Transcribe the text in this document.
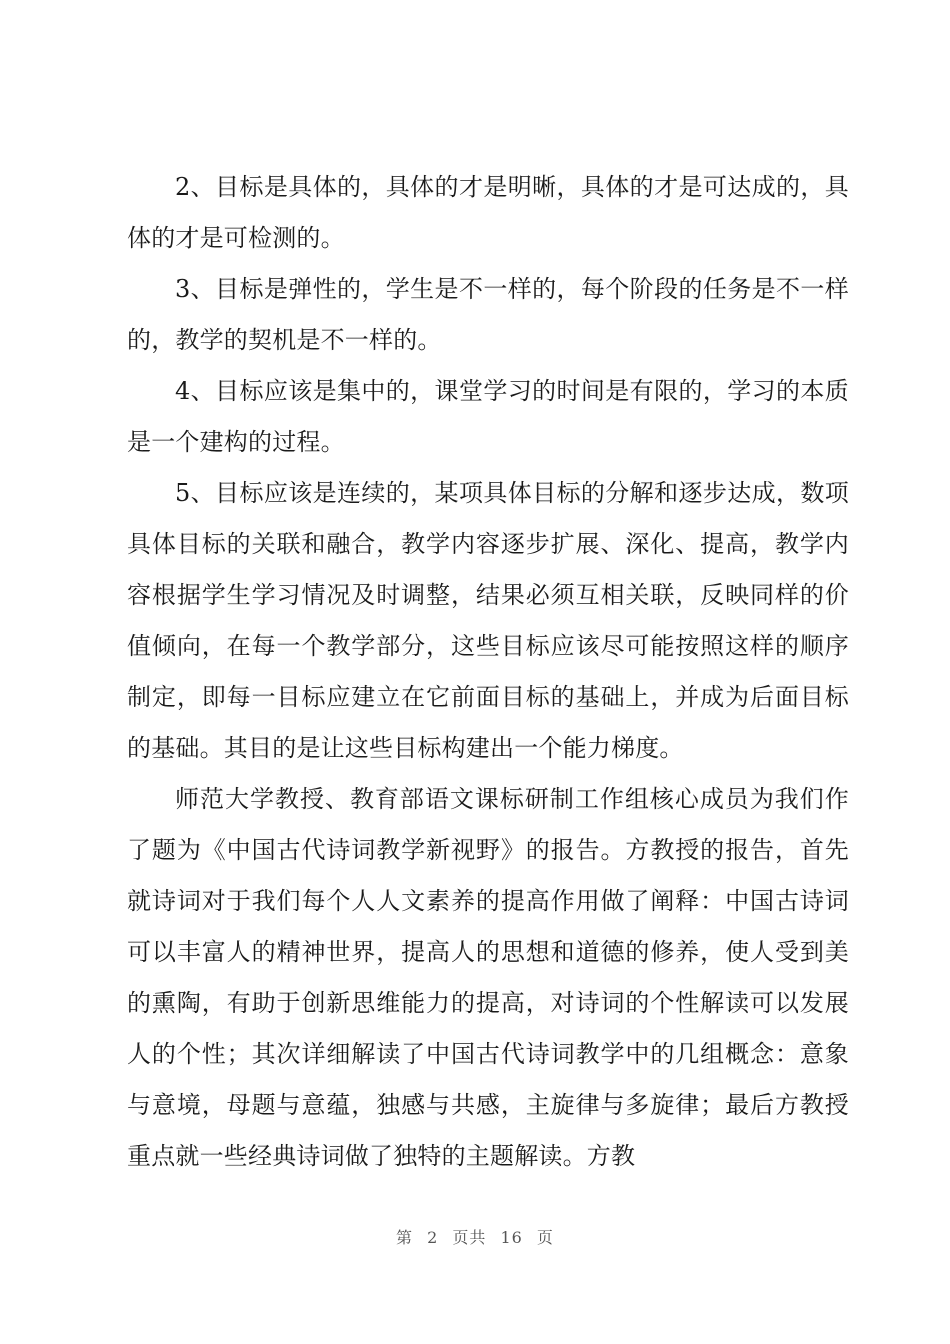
2、目标是具体的，具体的才是明晰，具体的才是可达成的，具体的才是可检测的。

3、目标是弹性的，学生是不一样的，每个阶段的任务是不一样的，教学的契机是不一样的。

4、目标应该是集中的，课堂学习的时间是有限的，学习的本质是一个建构的过程。

5、目标应该是连续的，某项具体目标的分解和逐步达成，数项具体目标的关联和融合，教学内容逐步扩展、深化、提高，教学内容根据学生学习情况及时调整，结果必须互相关联，反映同样的价值倾向，在每一个教学部分，这些目标应该尽可能按照这样的顺序制定，即每一目标应建立在它前面目标的基础上，并成为后面目标的基础。其目的是让这些目标构建出一个能力梯度。

师范大学教授、教育部语文课标研制工作组核心成员为我们作了题为《中国古代诗词教学新视野》的报告。方教授的报告，首先就诗词对于我们每个人人文素养的提高作用做了阐释：中国古诗词可以丰富人的精神世界，提高人的思想和道德的修养，使人受到美的熏陶，有助于创新思维能力的提高，对诗词的个性解读可以发展人的个性；其次详细解读了中国古代诗词教学中的几组概念：意象与意境，母题与意蕴，独感与共感，主旋律与多旋律；最后方教授重点就一些经典诗词做了独特的主题解读。方教

第 2 页共 16 页
